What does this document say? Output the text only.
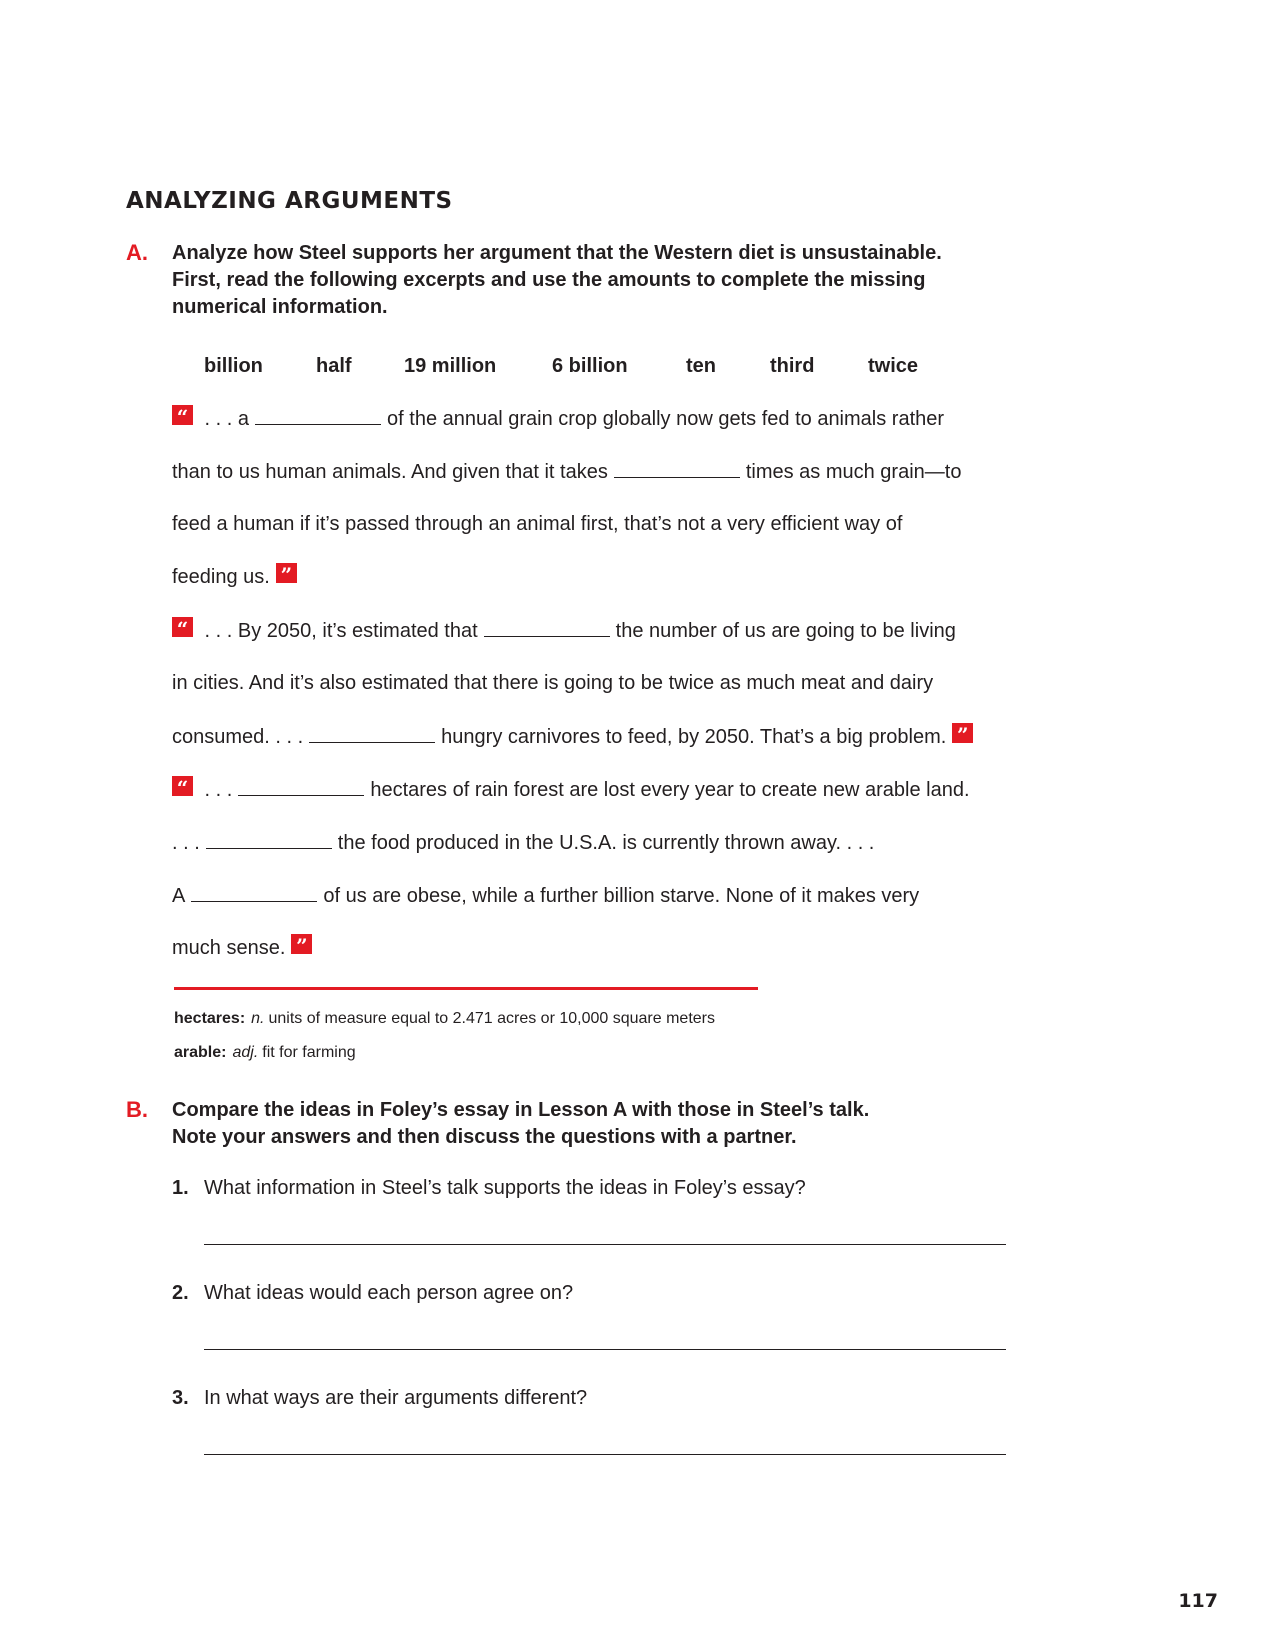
ANALYZING ARGUMENTS
A. Analyze how Steel supports her argument that the Western diet is unsustainable.
First, read the following excerpts and use the amounts to complete the missing
numerical information.
billion	half	19 million	6 billion	ten	third	twice
“ . . . a	of the annual grain crop globally now gets fed to animals rather
than to us human animals. And given that it takes	times as much grain—to
feed a human if it’s passed through an animal first, that’s not a very efficient way of
feeding us. ”
“ . . . By 2050, it’s estimated that	the number of us are going to be living
in cities. And it’s also estimated that there is going to be twice as much meat and dairy
consumed. . . .	hungry carnivores to feed, by 2050. That’s a big problem. ”
“ . . .	hectares of rain forest are lost every year to create new arable land.
. . .	the food produced in the U.S.A. is currently thrown away. . . .
A	of us are obese, while a further billion starve. None of it makes very
much sense. ”
hectares: n. units of measure equal to 2.471 acres or 10,000 square meters
arable: adj. fit for farming
B. Compare the ideas in Foley’s essay in Lesson A with those in Steel’s talk.
Note your answers and then discuss the questions with a partner.
1. What information in Steel’s talk supports the ideas in Foley’s essay?
2. What ideas would each person agree on?
3. In what ways are their arguments different?
117
